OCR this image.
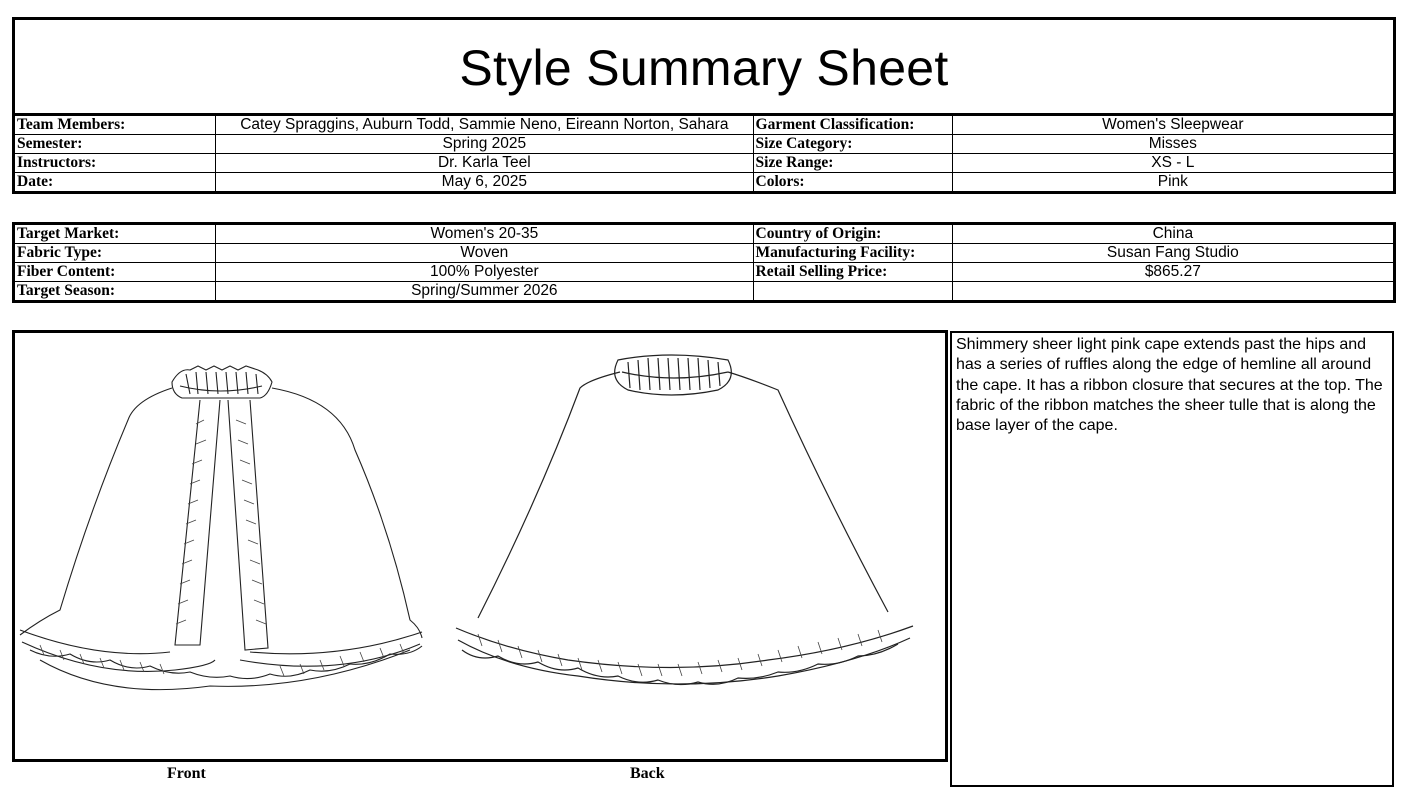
Style Summary Sheet
Team Members:	Catey Spraggins, Auburn Todd, Sammie Neno, Eireann Norton, Sahara	Garment Classification:	Women's Sleepwear
Semester:	Spring 2025	Size Category:	Misses
Instructors:	Dr. Karla Teel	Size Range:	XS - L
Date:	May 6, 2025	Colors:	Pink
Target Market:	Women's 20-35	Country of Origin:	China
Fabric Type:	Woven	Manufacturing Facility:	Susan Fang Studio
Fiber Content:	100% Polyester	Retail Selling Price:	$865.27
Target Season:	Spring/Summer 2026		
Front	Back
Shimmery sheer light pink cape extends past the hips and has a series of ruffles along the edge of hemline all around the cape. It has a ribbon closure that secures at the top. The fabric of the ribbon matches the sheer tulle that is along the base layer of the cape.
